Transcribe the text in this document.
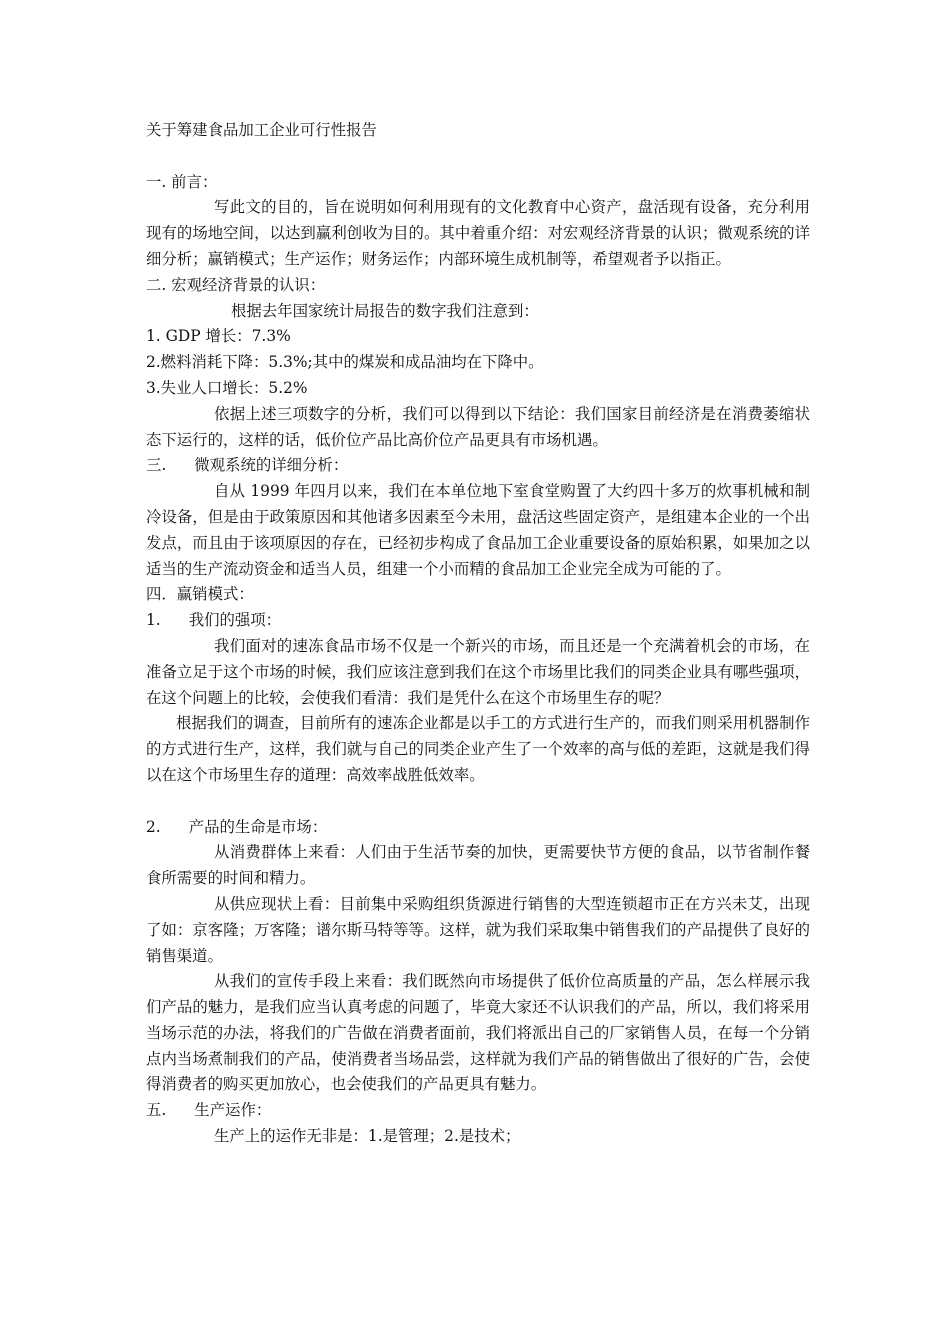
关于筹建食品加工企业可行性报告

一. 前言：

写此文的目的，旨在说明如何利用现有的文化教育中心资产，盘活现有设备，充分利用现有的场地空间，以达到赢利创收为目的。其中着重介绍：对宏观经济背景的认识；微观系统的详细分析；赢销模式；生产运作；财务运作；内部环境生成机制等，希望观者予以指正。

二. 宏观经济背景的认识：

根据去年国家统计局报告的数字我们注意到：

1. GDP 增长：7.3%

2.燃料消耗下降：5.3%;其中的煤炭和成品油均在下降中。

3.失业人口增长：5.2%

依据上述三项数字的分析，我们可以得到以下结论：我们国家目前经济是在消费萎缩状态下运行的，这样的话，低价位产品比高价位产品更具有市场机遇。

三. 微观系统的详细分析：

自从 1999 年四月以来，我们在本单位地下室食堂购置了大约四十多万的炊事机械和制冷设备，但是由于政策原因和其他诸多因素至今未用，盘活这些固定资产，是组建本企业的一个出发点，而且由于该项原因的存在，已经初步构成了食品加工企业重要设备的原始积累，如果加之以适当的生产流动资金和适当人员，组建一个小而精的食品加工企业完全成为可能的了。

四．赢销模式：

1. 我们的强项：

我们面对的速冻食品市场不仅是一个新兴的市场，而且还是一个充满着机会的市场，在准备立足于这个市场的时候，我们应该注意到我们在这个市场里比我们的同类企业具有哪些强项，在这个问题上的比较，会使我们看清：我们是凭什么在这个市场里生存的呢？

根据我们的调查，目前所有的速冻企业都是以手工的方式进行生产的，而我们则采用机器制作的方式进行生产，这样，我们就与自己的同类企业产生了一个效率的高与低的差距，这就是我们得以在这个市场里生存的道理：高效率战胜低效率。

2. 产品的生命是市场：

从消费群体上来看：人们由于生活节奏的加快，更需要快节方便的食品，以节省制作餐食所需要的时间和精力。

从供应现状上看：目前集中采购组织货源进行销售的大型连锁超市正在方兴未艾，出现了如：京客隆；万客隆；谱尔斯马特等等。这样，就为我们采取集中销售我们的产品提供了良好的销售渠道。

从我们的宣传手段上来看：我们既然向市场提供了低价位高质量的产品，怎么样展示我们产品的魅力，是我们应当认真考虑的问题了，毕竟大家还不认识我们的产品，所以，我们将采用当场示范的办法，将我们的广告做在消费者面前，我们将派出自己的厂家销售人员，在每一个分销点内当场煮制我们的产品，使消费者当场品尝，这样就为我们产品的销售做出了很好的广告，会使得消费者的购买更加放心，也会使我们的产品更具有魅力。

五. 生产运作：

生产上的运作无非是：1.是管理；2.是技术；
